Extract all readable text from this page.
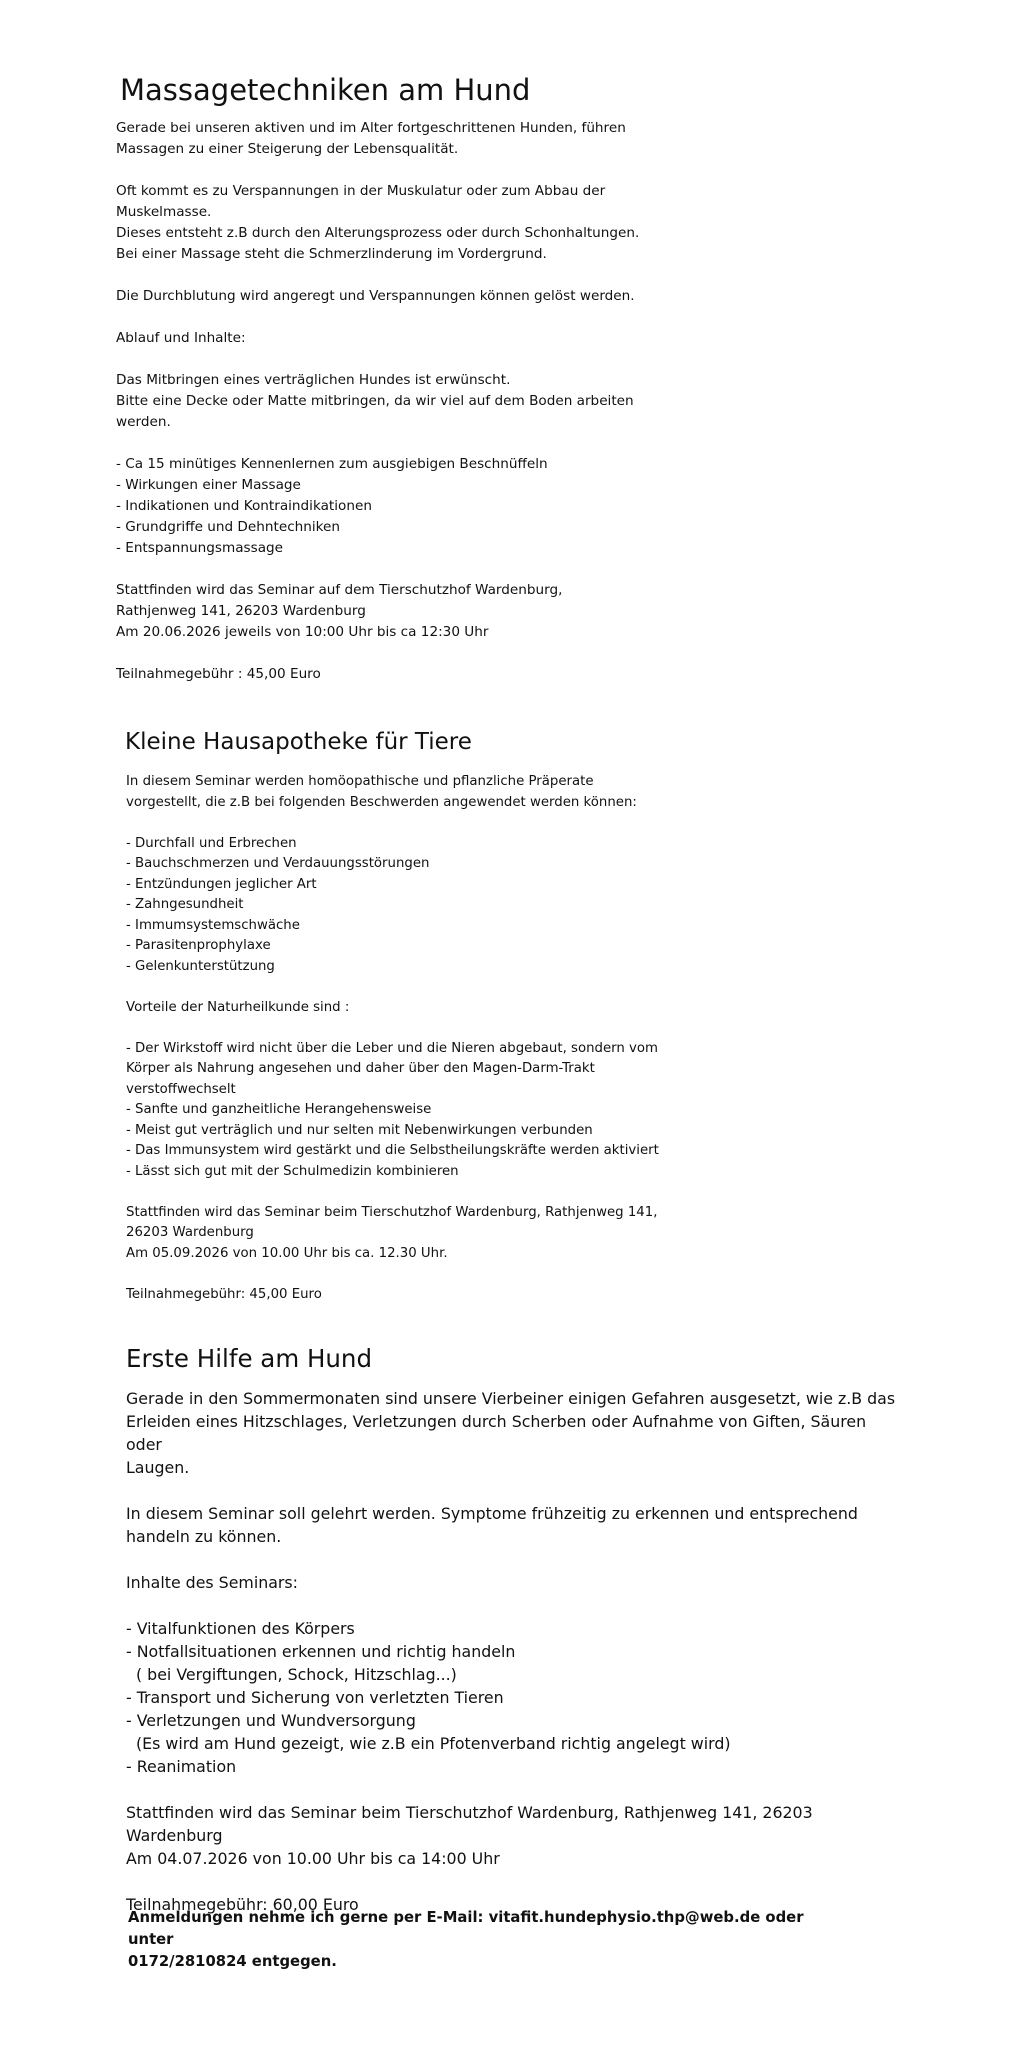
Massagetechniken am Hund

Gerade bei unseren aktiven und im Alter fortgeschrittenen Hunden, führen
Massagen zu einer Steigerung der Lebensqualität.

Oft kommt es zu Verspannungen in der Muskulatur oder zum Abbau der
Muskelmasse.
Dieses entsteht z.B durch den Alterungsprozess oder durch Schonhaltungen.
Bei einer Massage steht die Schmerzlinderung im Vordergrund.

Die Durchblutung wird angeregt und Verspannungen können gelöst werden.

Ablauf und Inhalte:

Das Mitbringen eines verträglichen Hundes ist erwünscht.
Bitte eine Decke oder Matte mitbringen, da wir viel auf dem Boden arbeiten
werden.

- Ca 15 minütiges Kennenlernen zum ausgiebigen Beschnüffeln
- Wirkungen einer Massage
- Indikationen und Kontraindikationen
- Grundgriffe und Dehntechniken
- Entspannungsmassage

Stattfinden wird das Seminar auf dem Tierschutzhof Wardenburg,
Rathjenweg 141, 26203 Wardenburg
Am 20.06.2026 jeweils von 10:00 Uhr bis ca 12:30 Uhr

Teilnahmegebühr : 45,00 Euro

Kleine Hausapotheke für Tiere

In diesem Seminar werden homöopathische und pflanzliche Präperate
vorgestellt, die z.B bei folgenden Beschwerden angewendet werden können:

- Durchfall und Erbrechen
- Bauchschmerzen und Verdauungsstörungen
- Entzündungen jeglicher Art
- Zahngesundheit
- Immumsystemschwäche
- Parasitenprophylaxe
- Gelenkunterstützung

Vorteile der Naturheilkunde sind :

- Der Wirkstoff wird nicht über die Leber und die Nieren abgebaut, sondern vom
Körper als Nahrung angesehen und daher über den Magen-Darm-Trakt
verstoffwechselt
- Sanfte und ganzheitliche Herangehensweise
- Meist gut verträglich und nur selten mit Nebenwirkungen verbunden
- Das Immunsystem wird gestärkt und die Selbstheilungskräfte werden aktiviert
- Lässt sich gut mit der Schulmedizin kombinieren

Stattfinden wird das Seminar beim Tierschutzhof Wardenburg, Rathjenweg 141,
26203 Wardenburg
Am 05.09.2026 von 10.00 Uhr bis ca. 12.30 Uhr.

Teilnahmegebühr: 45,00 Euro

Erste Hilfe am Hund

Gerade in den Sommermonaten sind unsere Vierbeiner einigen Gefahren ausgesetzt, wie z.B das
Erleiden eines Hitzschlages, Verletzungen durch Scherben oder Aufnahme von Giften, Säuren oder
Laugen.

In diesem Seminar soll gelehrt werden. Symptome frühzeitig zu erkennen und entsprechend
handeln zu können.

Inhalte des Seminars:

- Vitalfunktionen des Körpers
- Notfallsituationen erkennen und richtig handeln
( bei Vergiftungen, Schock, Hitzschlag...)
- Transport und Sicherung von verletzten Tieren
- Verletzungen und Wundversorgung
(Es wird am Hund gezeigt, wie z.B ein Pfotenverband richtig angelegt wird)
- Reanimation

Stattfinden wird das Seminar beim Tierschutzhof Wardenburg, Rathjenweg 141, 26203 Wardenburg
Am 04.07.2026 von 10.00 Uhr bis ca 14:00 Uhr

Teilnahmegebühr: 60,00 Euro

Anmeldungen nehme ich gerne per E-Mail: vitafit.hundephysio.thp@web.de oder unter
0172/2810824 entgegen.
